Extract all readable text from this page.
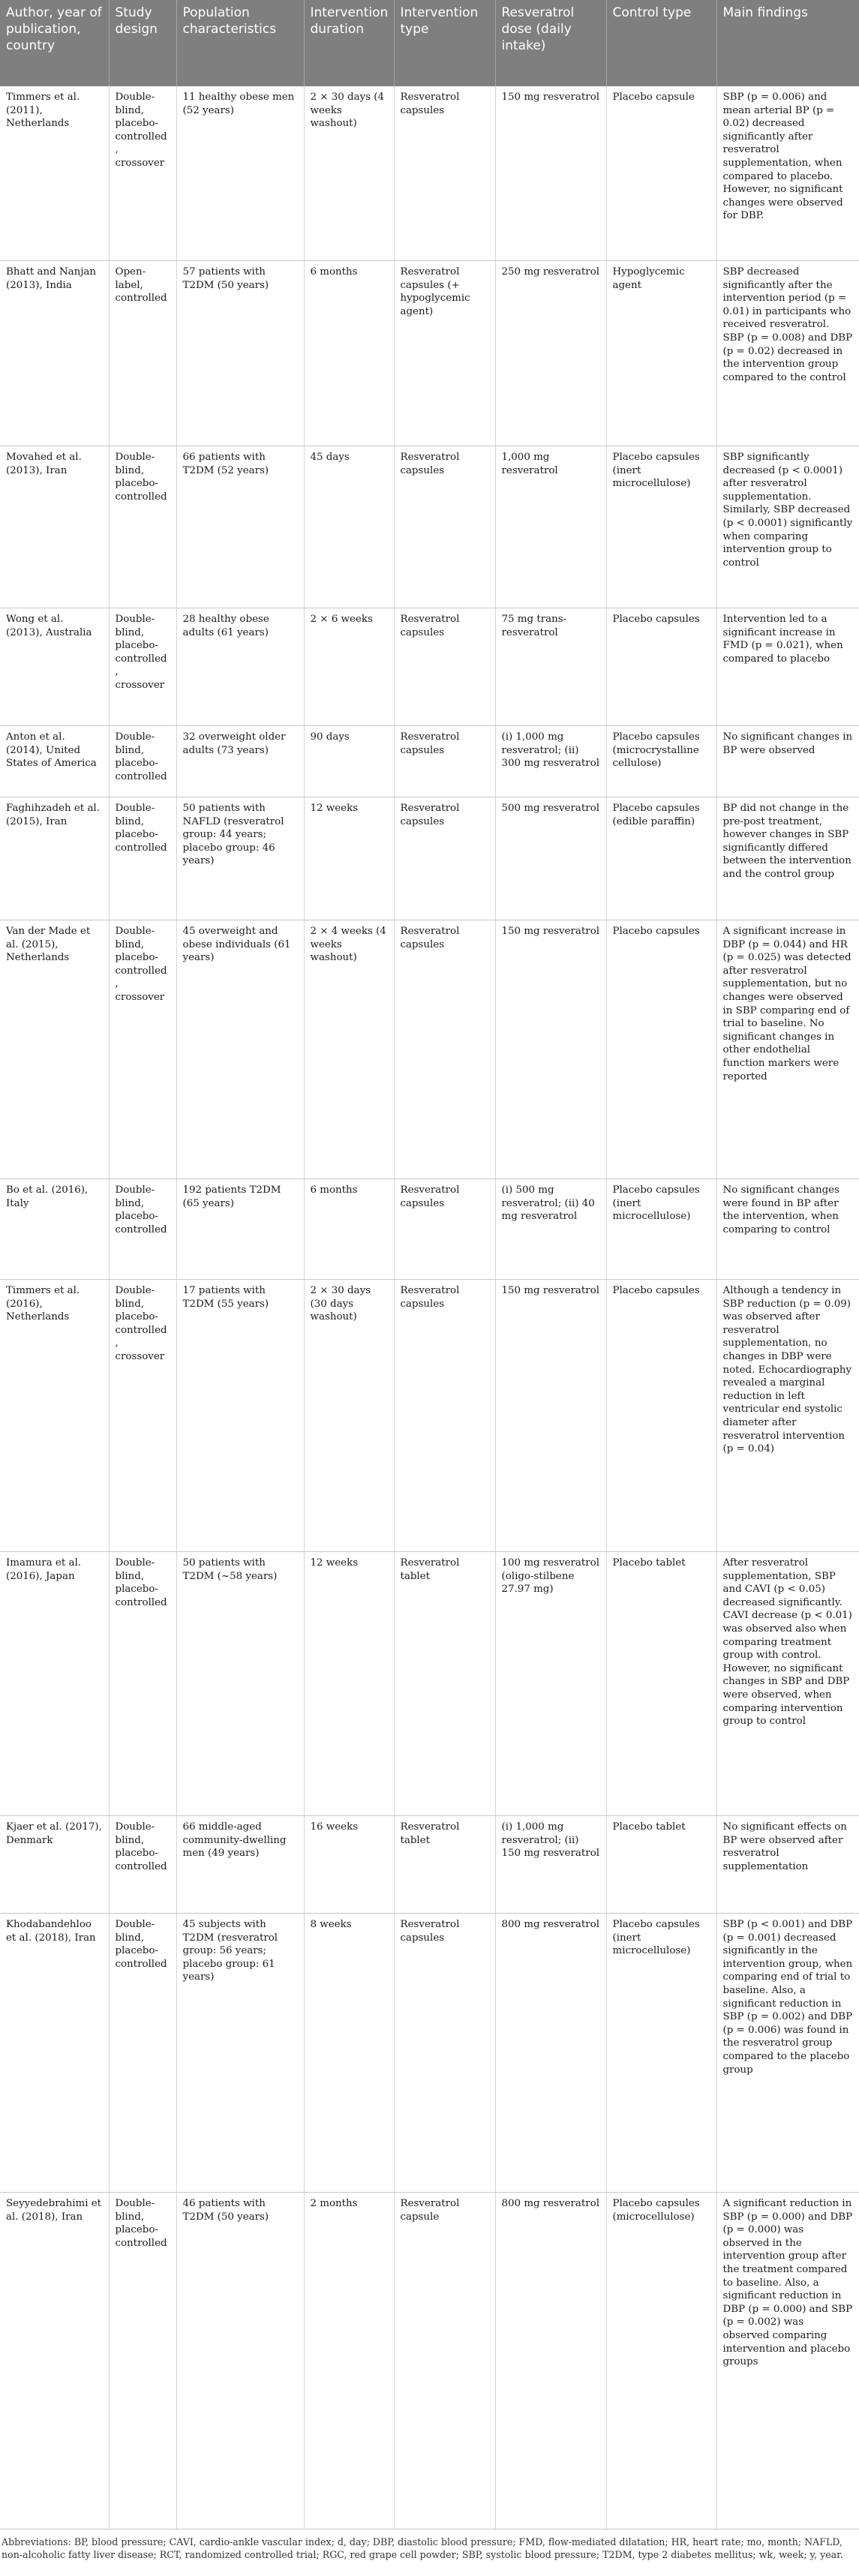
Author, year of publication, country	Study design	Population characteristics	Intervention duration	Intervention type	Resveratrol dose (daily intake)	Control type	Main findings
Timmers et al. (2011), Netherlands	Double-blind, placebo-controlled, crossover	11 healthy obese men (52 years)	2 × 30 days (4 weeks washout)	Resveratrol capsules	150 mg resveratrol	Placebo capsule	SBP (p = 0.006) and mean arterial BP (p = 0.02) decreased significantly after resveratrol supplementation, when compared to placebo. However, no significant changes were observed for DBP.
Bhatt and Nanjan (2013), India	Open-label, controlled	57 patients with T2DM (50 years)	6 months	Resveratrol capsules (+ hypoglycemic agent)	250 mg resveratrol	Hypoglycemic agent	SBP decreased significantly after the intervention period (p = 0.01) in participants who received resveratrol. SBP (p = 0.008) and DBP (p = 0.02) decreased in the intervention group compared to the control
Movahed et al. (2013), Iran	Double-blind, placebo-controlled	66 patients with T2DM (52 years)	45 days	Resveratrol capsules	1,000 mg resveratrol	Placebo capsules (inert microcellulose)	SBP significantly decreased (p < 0.0001) after resveratrol supplementation. Similarly, SBP decreased (p < 0.0001) significantly when comparing intervention group to control
Wong et al. (2013), Australia	Double-blind, placebo-controlled, crossover	28 healthy obese adults (61 years)	2 × 6 weeks	Resveratrol capsules	75 mg trans-resveratrol	Placebo capsules	Intervention led to a significant increase in FMD (p = 0.021), when compared to placebo
Anton et al. (2014), United States of America	Double-blind, placebo-controlled	32 overweight older adults (73 years)	90 days	Resveratrol capsules	(i) 1,000 mg resveratrol; (ii) 300 mg resveratrol	Placebo capsules (microcrystalline cellulose)	No significant changes in BP were observed
Faghihzadeh et al. (2015), Iran	Double-blind, placebo-controlled	50 patients with NAFLD (resveratrol group: 44 years; placebo group: 46 years)	12 weeks	Resveratrol capsules	500 mg resveratrol	Placebo capsules (edible paraffin)	BP did not change in the pre-post treatment, however changes in SBP significantly differed between the intervention and the control group
Van der Made et al. (2015), Netherlands	Double-blind, placebo-controlled, crossover	45 overweight and obese individuals (61 years)	2 × 4 weeks (4 weeks washout)	Resveratrol capsules	150 mg resveratrol	Placebo capsules	A significant increase in DBP (p = 0.044) and HR (p = 0.025) was detected after resveratrol supplementation, but no changes were observed in SBP comparing end of trial to baseline. No significant changes in other endothelial function markers were reported
Bo et al. (2016), Italy	Double-blind, placebo-controlled	192 patients T2DM (65 years)	6 months	Resveratrol capsules	(i) 500 mg resveratrol; (ii) 40 mg resveratrol	Placebo capsules (inert microcellulose)	No significant changes were found in BP after the intervention, when comparing to control
Timmers et al. (2016), Netherlands	Double-blind, placebo-controlled, crossover	17 patients with T2DM (55 years)	2 × 30 days (30 days washout)	Resveratrol capsules	150 mg resveratrol	Placebo capsules	Although a tendency in SBP reduction (p = 0.09) was observed after resveratrol supplementation, no changes in DBP were noted. Echocardiography revealed a marginal reduction in left ventricular end systolic diameter after resveratrol intervention (p = 0.04)
Imamura et al. (2016), Japan	Double-blind, placebo-controlled	50 patients with T2DM (~58 years)	12 weeks	Resveratrol tablet	100 mg resveratrol (oligo-stilbene 27.97 mg)	Placebo tablet	After resveratrol supplementation, SBP and CAVI (p < 0.05) decreased significantly. CAVI decrease (p < 0.01) was observed also when comparing treatment group with control. However, no significant changes in SBP and DBP were observed, when comparing intervention group to control
Kjaer et al. (2017), Denmark	Double-blind, placebo-controlled	66 middle-aged community-dwelling men (49 years)	16 weeks	Resveratrol tablet	(i) 1,000 mg resveratrol; (ii) 150 mg resveratrol	Placebo tablet	No significant effects on BP were observed after resveratrol supplementation
Khodabandehloo et al. (2018), Iran	Double-blind, placebo-controlled	45 subjects with T2DM (resveratrol group: 56 years; placebo group: 61 years)	8 weeks	Resveratrol capsules	800 mg resveratrol	Placebo capsules (inert microcellulose)	SBP (p < 0.001) and DBP (p = 0.001) decreased significantly in the intervention group, when comparing end of trial to baseline. Also, a significant reduction in SBP (p = 0.002) and DBP (p = 0.006) was found in the resveratrol group compared to the placebo group
Seyyedebrahimi et al. (2018), Iran	Double-blind, placebo-controlled	46 patients with T2DM (50 years)	2 months	Resveratrol capsule	800 mg resveratrol	Placebo capsules (microcellulose)	A significant reduction in SBP (p = 0.000) and DBP (p = 0.000) was observed in the intervention group after the treatment compared to baseline. Also, a significant reduction in DBP (p = 0.000) and SBP (p = 0.002) was observed comparing intervention and placebo groups
Abbreviations: BP, blood pressure; CAVI, cardio-ankle vascular index; d, day; DBP, diastolic blood pressure; FMD, flow-mediated dilatation; HR, heart rate; mo, month; NAFLD, non-alcoholic fatty liver disease; RCT, randomized controlled trial; RGC, red grape cell powder; SBP, systolic blood pressure; T2DM, type 2 diabetes mellitus; wk, week; y, year.
